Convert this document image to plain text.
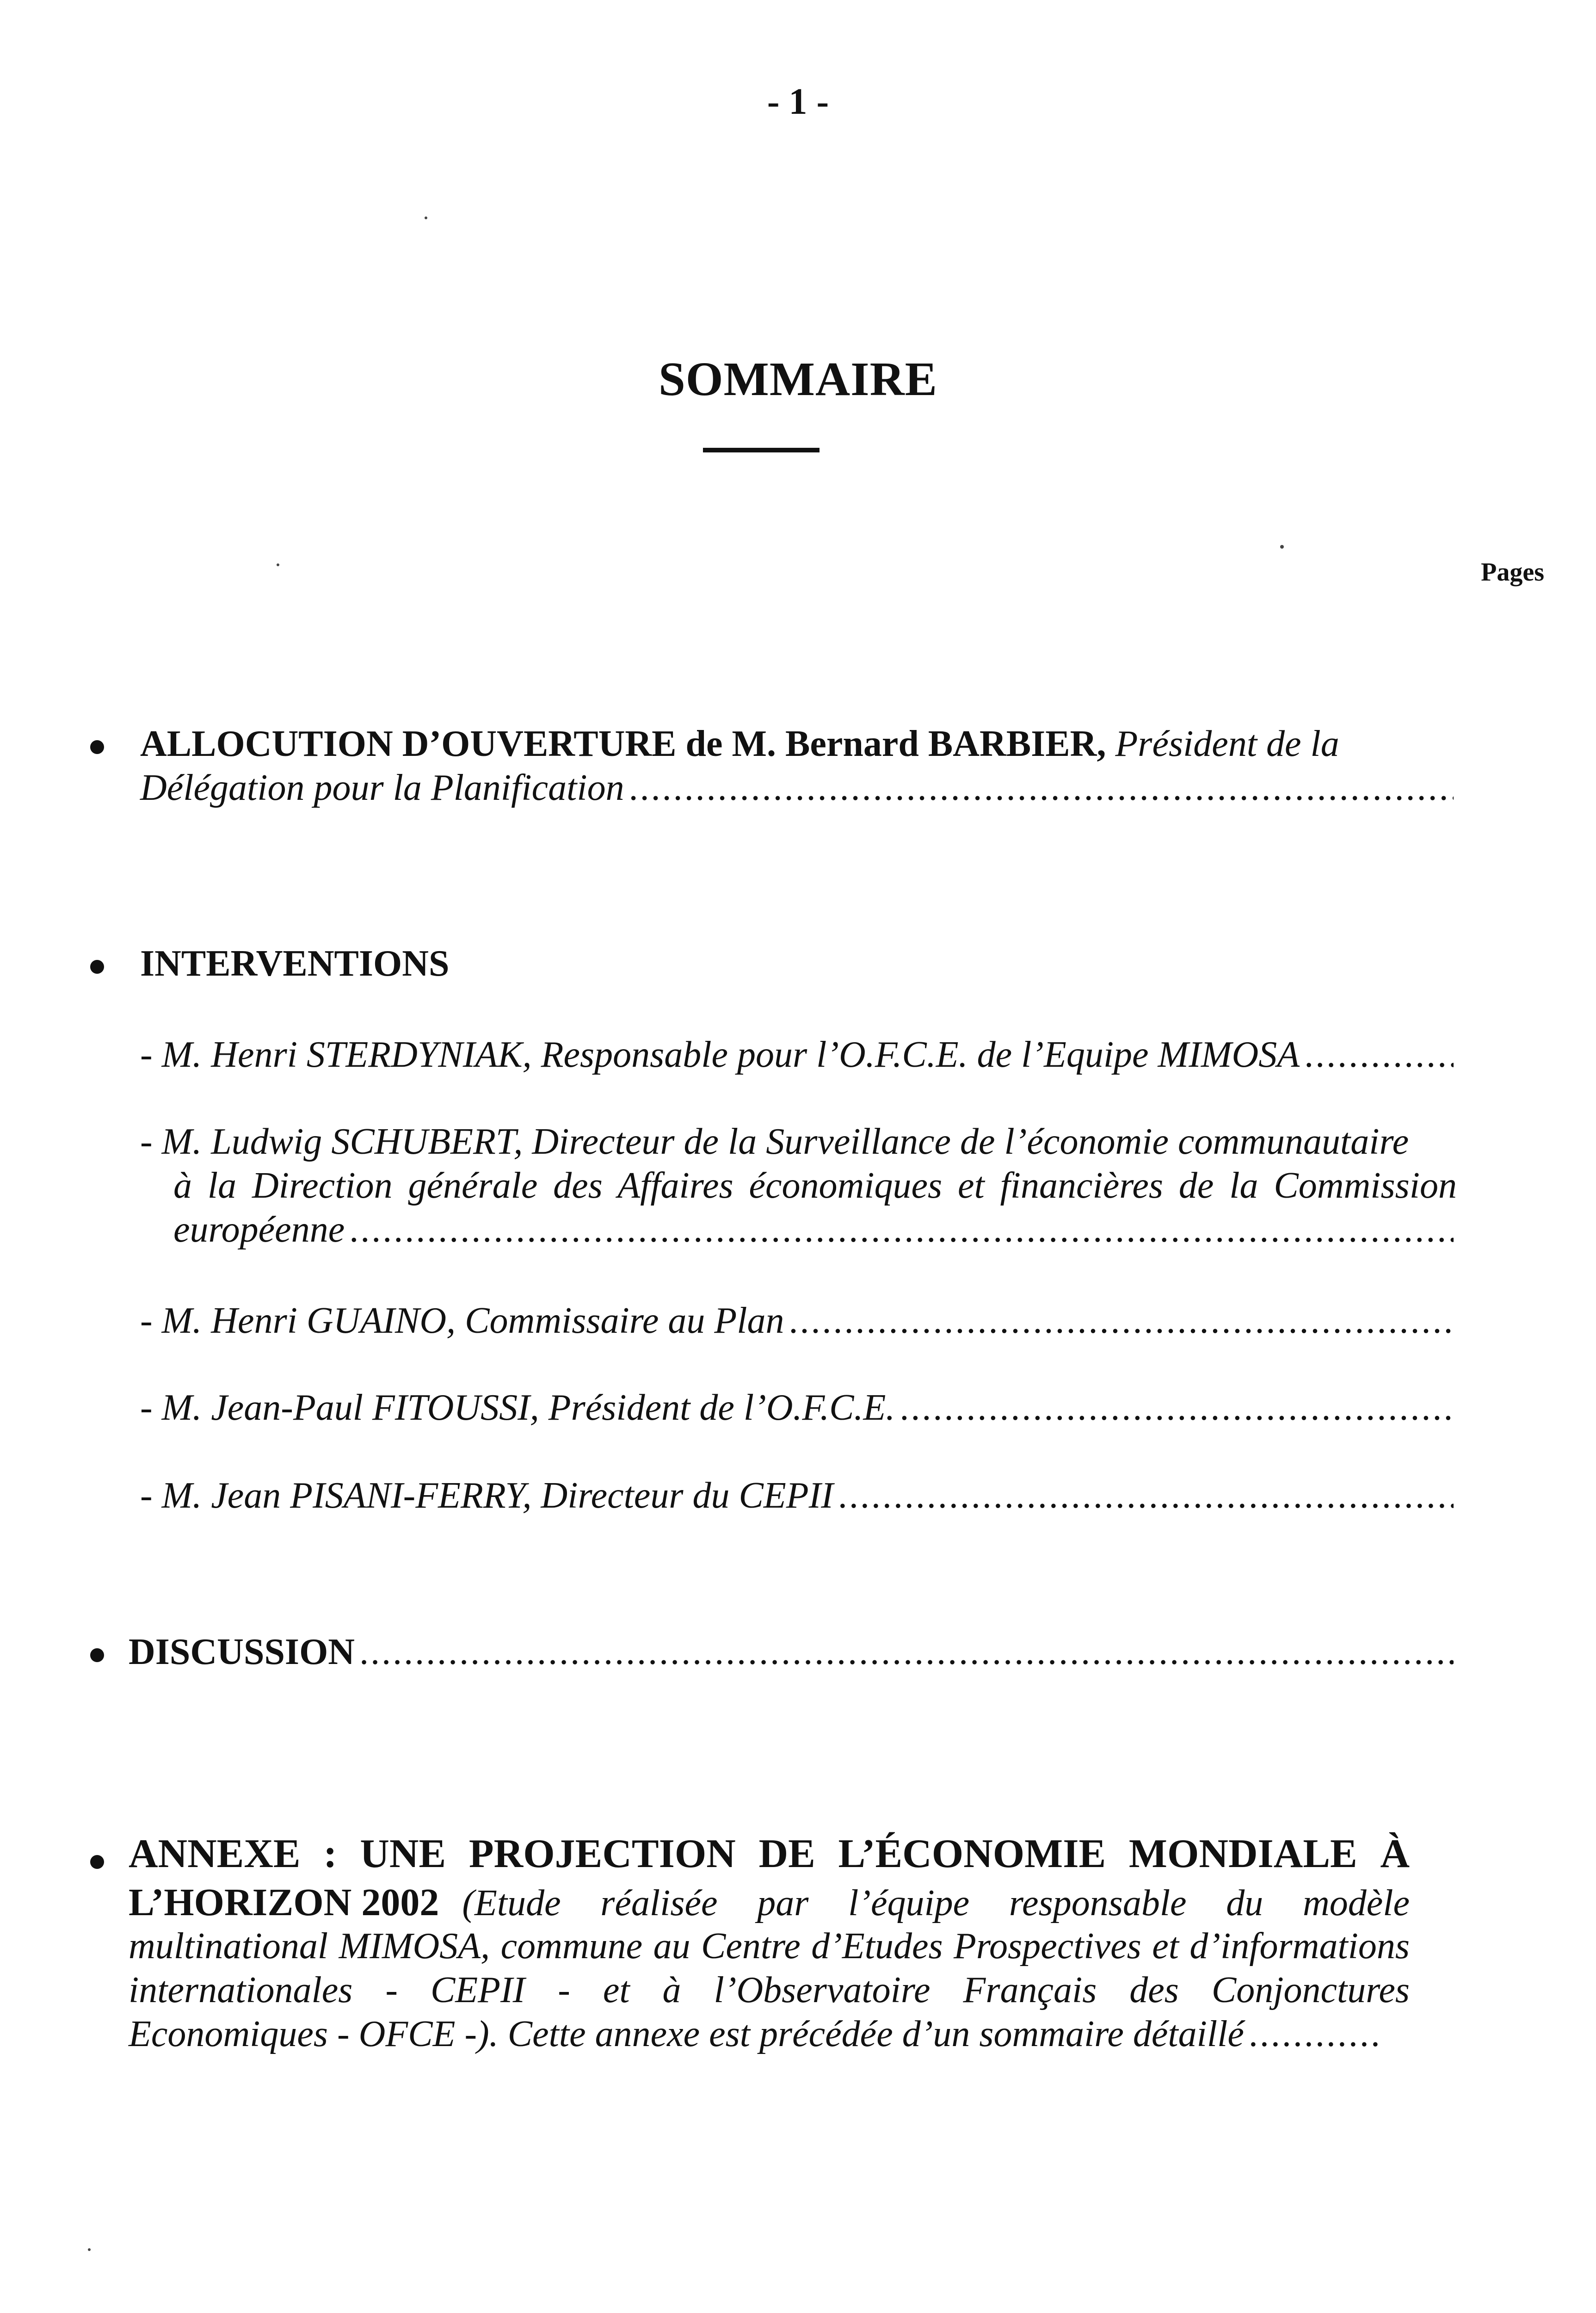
- 1 -
SOMMAIRE
Pages
ALLOCUTION D’OUVERTURE de M. Bernard BARBIER, Président de la
Délégation pour la Planification
.....
INTERVENTIONS
- M. Henri STERDYNIAK, Responsable pour l’O.F.C.E. de l’Equipe MIMOSA
.....
- M. Ludwig SCHUBERT, Directeur de la Surveillance de l’économie communautaire
à la Direction générale des Affaires économiques et financières de la Commission
européenne
.....
- M. Henri GUAINO, Commissaire au Plan
.....
- M. Jean-Paul FITOUSSI, Président de l’O.F.C.E.
.....
- M. Jean PISANI-FERRY, Directeur du CEPII
.....
DISCUSSION
.....
ANNEXE : UNE PROJECTION DE L’ÉCONOMIE MONDIALE À
L’HORIZON 2002 (Etude réalisée par l’équipe responsable du modèle
multinational MIMOSA, commune au Centre d’Etudes Prospectives et d’informations
internationales - CEPII - et à l’Observatoire Français des Conjonctures
Economiques - OFCE -). Cette annexe est précédée d’un sommaire détaillé
.....
